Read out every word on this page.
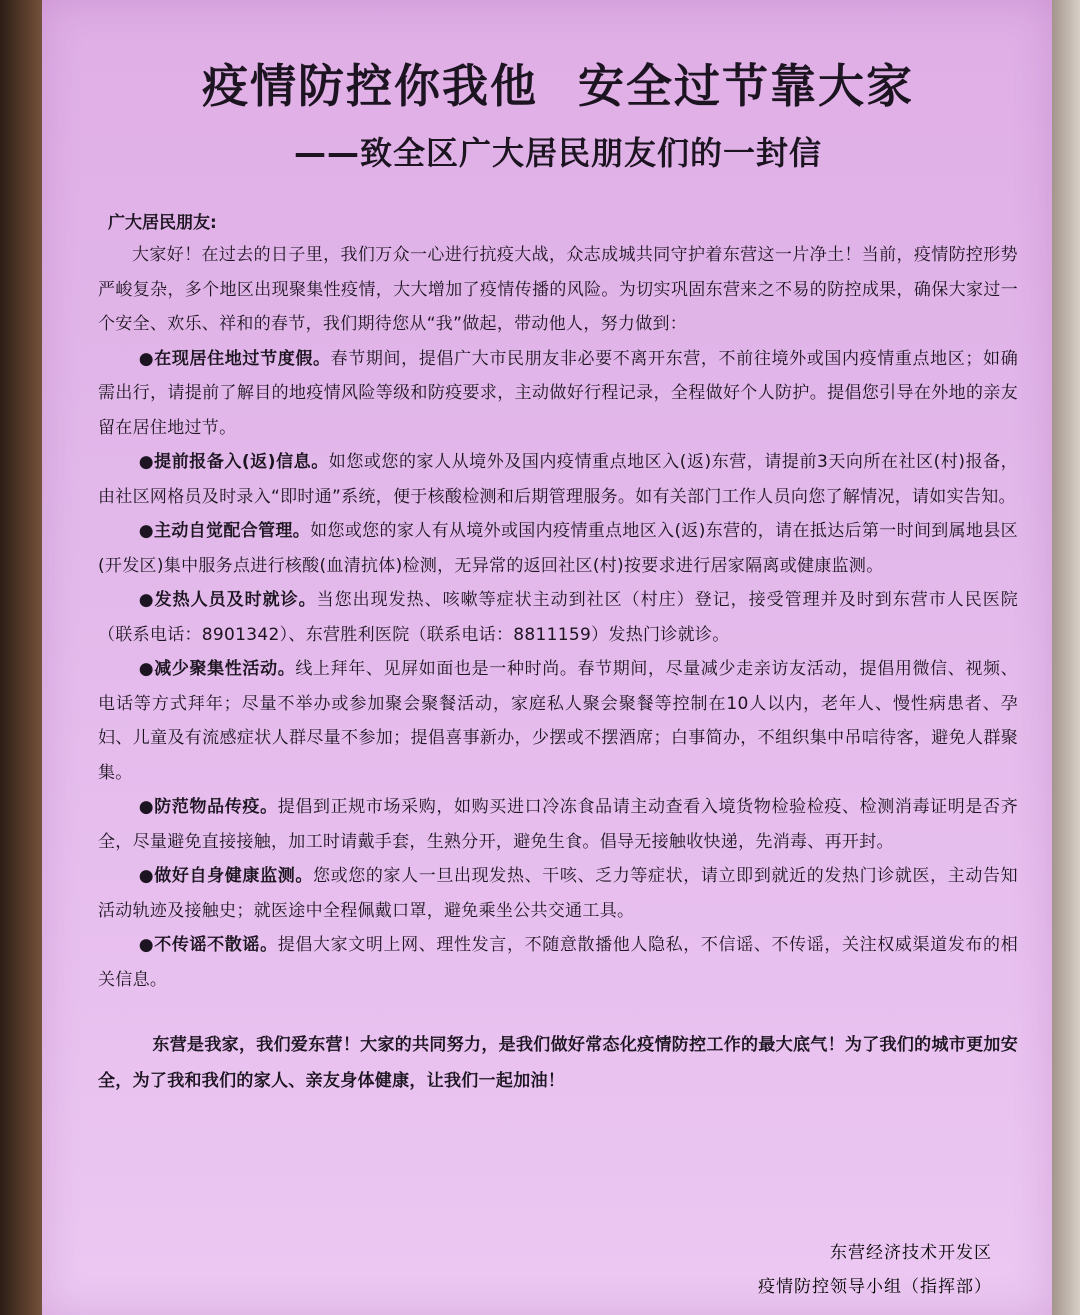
疫情防控你我他 安全过节靠大家
——致全区广大居民朋友们的一封信
广大居民朋友:

大家好！在过去的日子里，我们万众一心进行抗疫大战，众志成城共同守护着东营这一片净土！当前，疫情防控形势严峻复杂，多个地区出现聚集性疫情，大大增加了疫情传播的风险。为切实巩固东营来之不易的防控成果，确保大家过一个安全、欢乐、祥和的春节，我们期待您从“我”做起，带动他人，努力做到：

●在现居住地过节度假。春节期间，提倡广大市民朋友非必要不离开东营，不前往境外或国内疫情重点地区；如确需出行，请提前了解目的地疫情风险等级和防疫要求，主动做好行程记录，全程做好个人防护。提倡您引导在外地的亲友留在居住地过节。

●提前报备入(返)信息。如您或您的家人从境外及国内疫情重点地区入(返)东营，请提前3天向所在社区(村)报备，由社区网格员及时录入“即时通”系统，便于核酸检测和后期管理服务。如有关部门工作人员向您了解情况，请如实告知。

●主动自觉配合管理。如您或您的家人有从境外或国内疫情重点地区入(返)东营的，请在抵达后第一时间到属地县区(开发区)集中服务点进行核酸(血清抗体)检测，无异常的返回社区(村)按要求进行居家隔离或健康监测。

●发热人员及时就诊。当您出现发热、咳嗽等症状主动到社区（村庄）登记，接受管理并及时到东营市人民医院（联系电话：8901342）、东营胜利医院（联系电话：8811159）发热门诊就诊。

●减少聚集性活动。线上拜年、见屏如面也是一种时尚。春节期间，尽量减少走亲访友活动，提倡用微信、视频、电话等方式拜年；尽量不举办或参加聚会聚餐活动，家庭私人聚会聚餐等控制在10人以内，老年人、慢性病患者、孕妇、儿童及有流感症状人群尽量不参加；提倡喜事新办，少摆或不摆酒席；白事简办，不组织集中吊唁待客，避免人群聚集。

●防范物品传疫。提倡到正规市场采购，如购买进口冷冻食品请主动查看入境货物检验检疫、检测消毒证明是否齐全，尽量避免直接接触，加工时请戴手套，生熟分开，避免生食。倡导无接触收快递，先消毒、再开封。

●做好自身健康监测。您或您的家人一旦出现发热、干咳、乏力等症状，请立即到就近的发热门诊就医，主动告知活动轨迹及接触史；就医途中全程佩戴口罩，避免乘坐公共交通工具。

●不传谣不散谣。提倡大家文明上网、理性发言，不随意散播他人隐私，不信谣、不传谣，关注权威渠道发布的相关信息。

东营是我家，我们爱东营！大家的共同努力，是我们做好常态化疫情防控工作的最大底气！为了我们的城市更加安全，为了我和我们的家人、亲友身体健康，让我们一起加油！

东营经济技术开发区
疫情防控领导小组（指挥部）
